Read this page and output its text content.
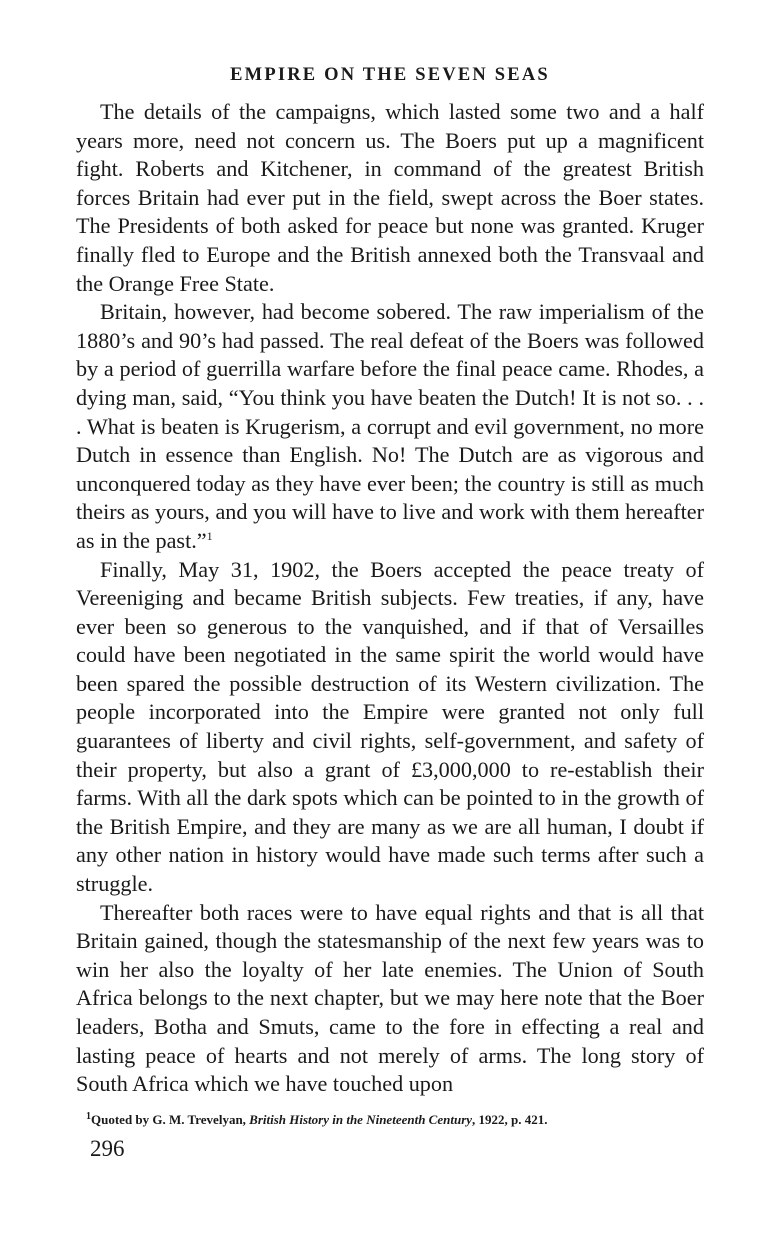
EMPIRE ON THE SEVEN SEAS

The details of the campaigns, which lasted some two and a half years more, need not concern us. The Boers put up a magnificent fight. Roberts and Kitchener, in command of the greatest British forces Britain had ever put in the field, swept across the Boer states. The Presidents of both asked for peace but none was granted. Kruger finally fled to Europe and the British annexed both the Transvaal and the Orange Free State.

Britain, however, had become sobered. The raw imperialism of the 1880’s and 90’s had passed. The real defeat of the Boers was followed by a period of guerrilla warfare before the final peace came. Rhodes, a dying man, said, “You think you have beaten the Dutch! It is not so. . . . What is beaten is Krugerism, a corrupt and evil government, no more Dutch in essence than English. No! The Dutch are as vigorous and unconquered today as they have ever been; the country is still as much theirs as yours, and you will have to live and work with them hereafter as in the past.”$^1$

Finally, May 31, 1902, the Boers accepted the peace treaty of Vereeniging and became British subjects. Few treaties, if any, have ever been so generous to the vanquished, and if that of Versailles could have been negotiated in the same spirit the world would have been spared the possible destruction of its Western civilization. The people incorporated into the Empire were granted not only full guarantees of liberty and civil rights, self-government, and safety of their property, but also a grant of £3,000,000 to re-establish their farms. With all the dark spots which can be pointed to in the growth of the British Empire, and they are many as we are all human, I doubt if any other nation in history would have made such terms after such a struggle.

Thereafter both races were to have equal rights and that is all that Britain gained, though the statesmanship of the next few years was to win her also the loyalty of her late enemies. The Union of South Africa belongs to the next chapter, but we may here note that the Boer leaders, Botha and Smuts, came to the fore in effecting a real and lasting peace of hearts and not merely of arms. The long story of South Africa which we have touched upon

$^1$Quoted by G. M. Trevelyan, British History in the Nineteenth Century, 1922, p. 421.
296
